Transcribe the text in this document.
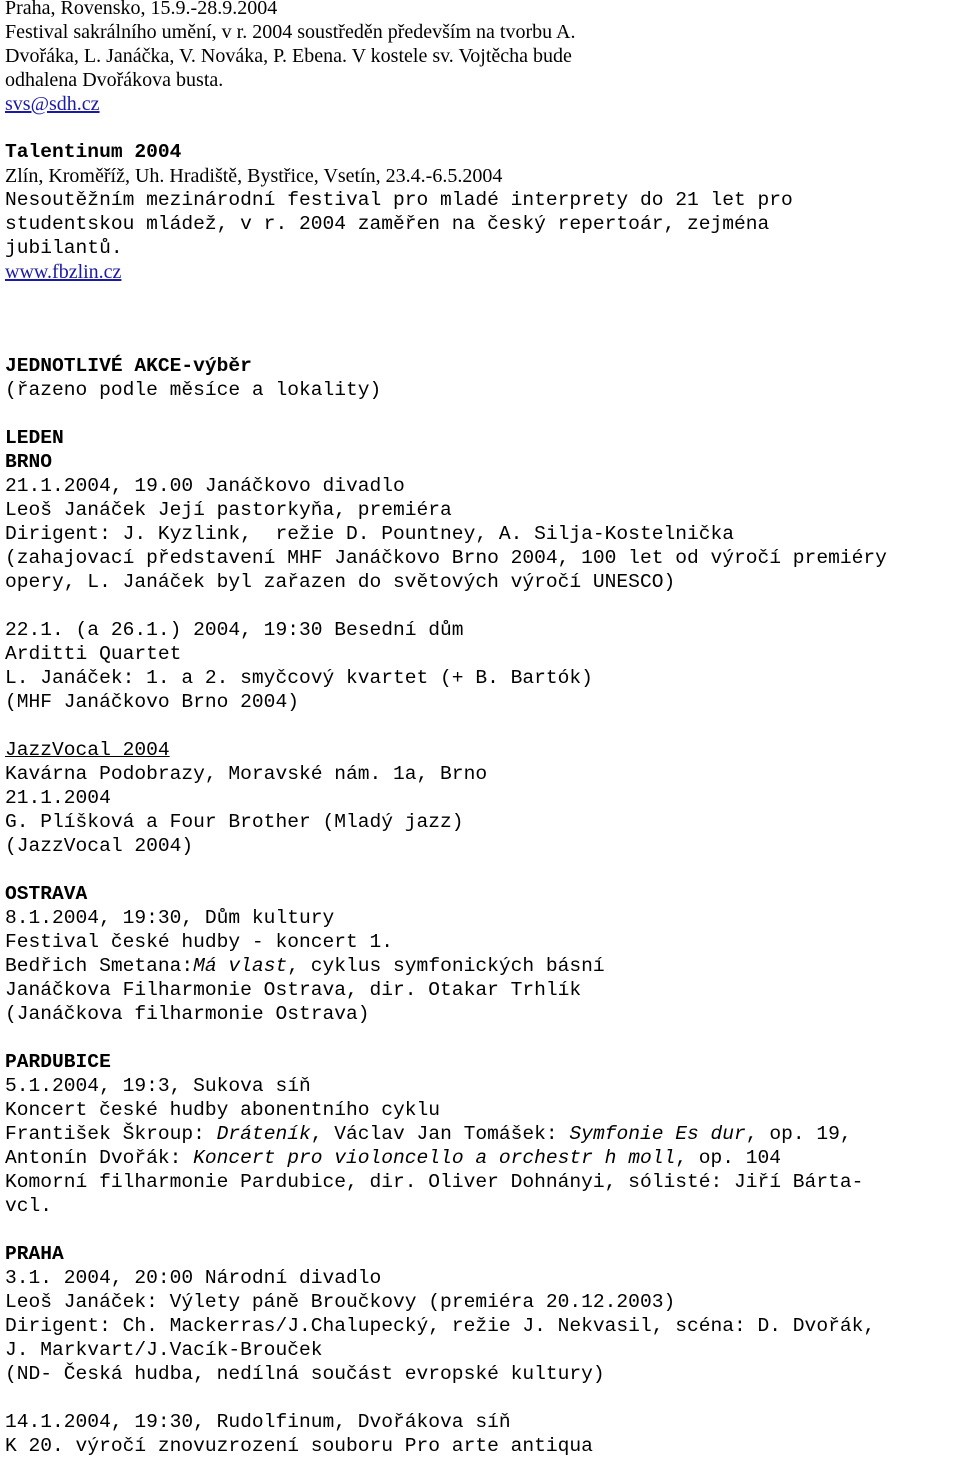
Praha, Rovensko, 15.9.-28.9.2004
Festival sakrálního umění, v r. 2004 soustředěn především na tvorbu A.
Dvořáka, L. Janáčka, V. Nováka, P. Ebena. V kostele sv. Vojtěcha bude
odhalena Dvořákova busta.
svs@sdh.cz
Talentinum 2004
Zlín, Kroměříž, Uh. Hradiště, Bystřice, Vsetín, 23.4.-6.5.2004
Nesoutěžním mezinárodní festival pro mladé interprety do 21 let pro
studentskou mládež, v r. 2004 zaměřen na český repertoár, zejména
jubilantů.
www.fbzlin.cz
JEDNOTLIVÉ AKCE-výběr
(řazeno podle měsíce a lokality)
LEDEN
BRNO
21.1.2004, 19.00 Janáčkovo divadlo
Leoš Janáček Její pastorkyňa, premiéra
Dirigent: J. Kyzlink,  režie D. Pountney, A. Silja-Kostelnička
(zahajovací představení MHF Janáčkovo Brno 2004, 100 let od výročí premiéry
opery, L. Janáček byl zařazen do světových výročí UNESCO)
22.1. (a 26.1.) 2004, 19:30 Besední dům
Arditti Quartet
L. Janáček: 1. a 2. smyčcový kvartet (+ B. Bartók)
(MHF Janáčkovo Brno 2004)
JazzVocal 2004
Kavárna Podobrazy, Moravské nám. 1a, Brno
21.1.2004
G. Plíšková a Four Brother (Mladý jazz)
(JazzVocal 2004)
OSTRAVA
8.1.2004, 19:30, Dům kultury
Festival české hudby - koncert 1.
Bedřich Smetana:Má vlast, cyklus symfonických básní
Janáčkova Filharmonie Ostrava, dir. Otakar Trhlík
(Janáčkova filharmonie Ostrava)
PARDUBICE
5.1.2004, 19:3, Sukova síň
Koncert české hudby abonentního cyklu
František Škroup: Dráteník, Václav Jan Tomášek: Symfonie Es dur, op. 19,
Antonín Dvořák: Koncert pro violoncello a orchestr h moll, op. 104
Komorní filharmonie Pardubice, dir. Oliver Dohnányi, sólisté: Jiří Bárta-
vcl.
PRAHA
3.1. 2004, 20:00 Národní divadlo
Leoš Janáček: Výlety páně Broučkovy (premiéra 20.12.2003)
Dirigent: Ch. Mackerras/J.Chalupecký, režie J. Nekvasil, scéna: D. Dvořák,
J. Markvart/J.Vacík-Brouček
(ND- Česká hudba, nedílná součást evropské kultury)
14.1.2004, 19:30, Rudolfinum, Dvořákova síň
K 20. výročí znovuzrození souboru Pro arte antiqua
